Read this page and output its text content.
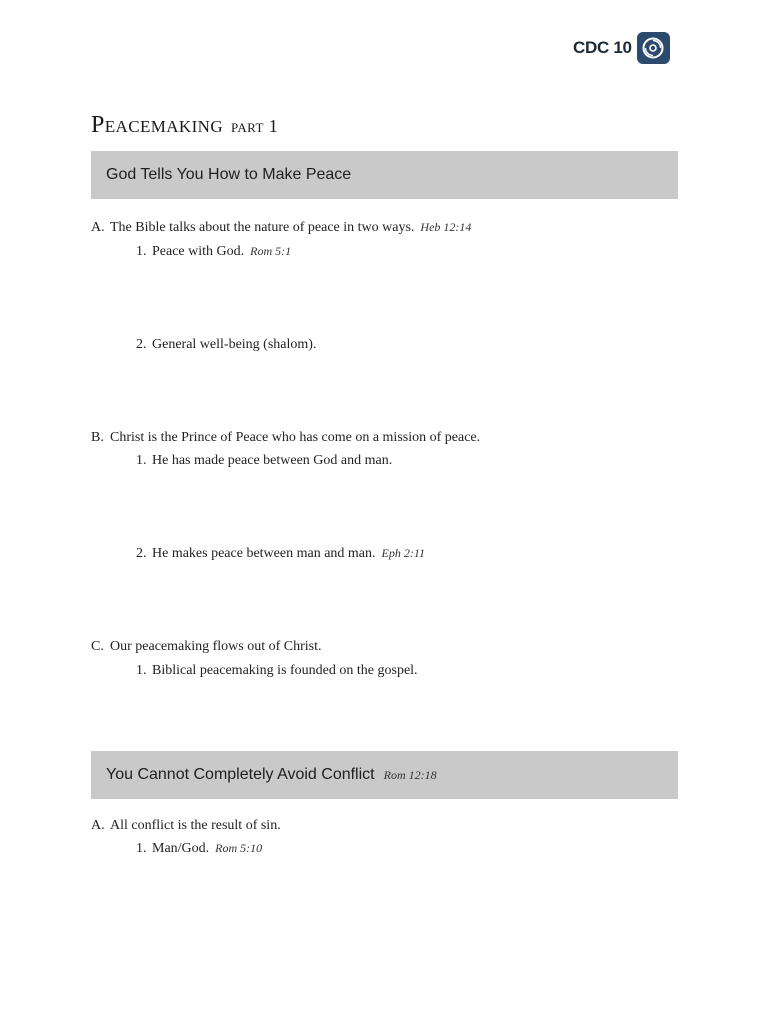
CDC 10
Peacemaking part 1
God Tells You How to Make Peace
A. The Bible talks about the nature of peace in two ways. Heb 12:14
1. Peace with God. Rom 5:1
2. General well-being (shalom).
B. Christ is the Prince of Peace who has come on a mission of peace.
1. He has made peace between God and man.
2. He makes peace between man and man. Eph 2:11
C. Our peacemaking flows out of Christ.
1. Biblical peacemaking is founded on the gospel.
You Cannot Completely Avoid Conflict Rom 12:18
A. All conflict is the result of sin.
1. Man/God. Rom 5:10
